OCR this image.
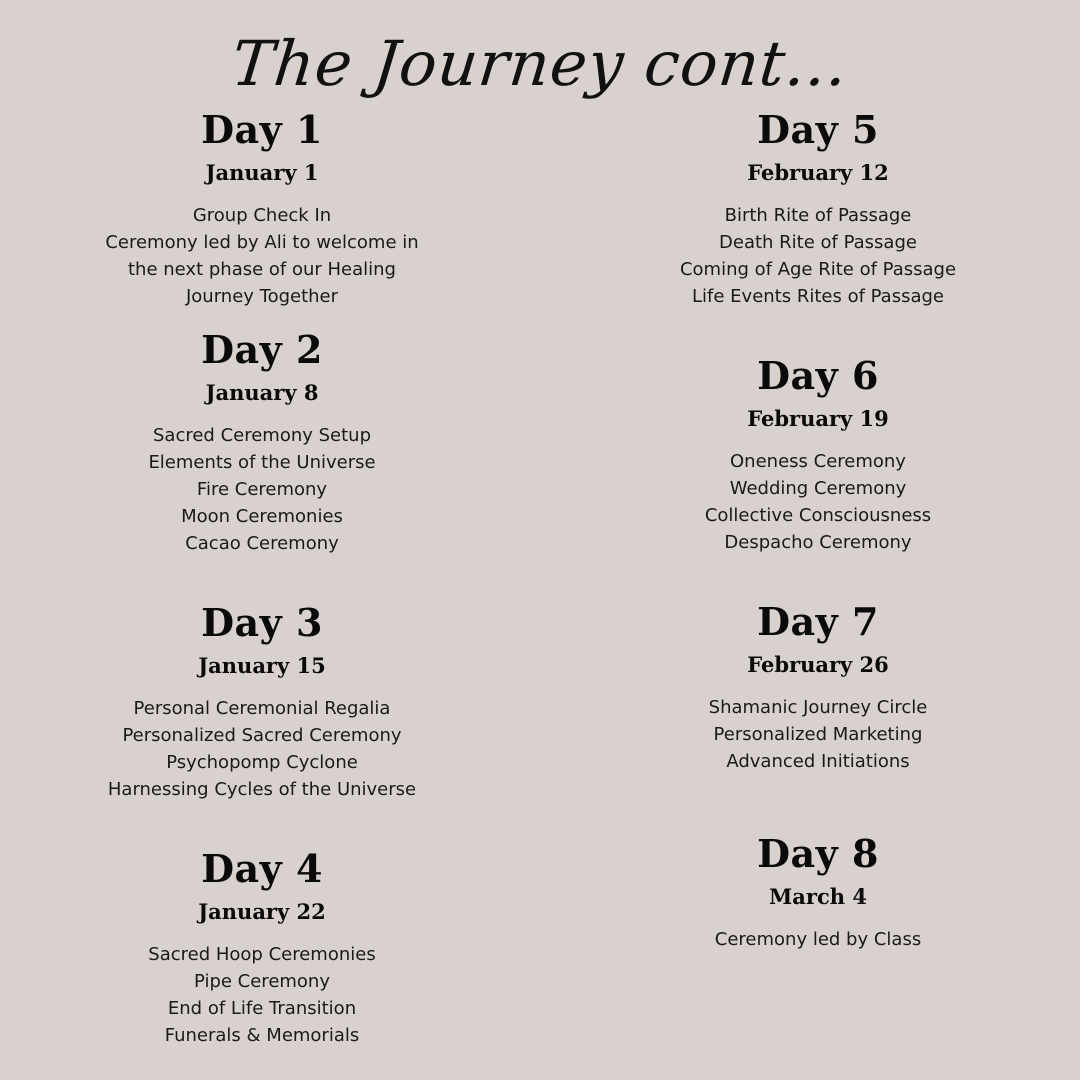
The Journey cont...
Day 1
January 1
Group Check In
Ceremony led by Ali to welcome in
the next phase of our Healing
Journey Together
Day 2
January 8
Sacred Ceremony Setup
Elements of the Universe
Fire Ceremony
Moon Ceremonies
Cacao Ceremony
Day 3
January 15
Personal Ceremonial Regalia
Personalized Sacred Ceremony
Psychopomp Cyclone
Harnessing Cycles of the Universe
Day 4
January 22
Sacred Hoop Ceremonies
Pipe Ceremony
End of Life Transition
Funerals & Memorials
Day 5
February 12
Birth Rite of Passage
Death Rite of Passage
Coming of Age Rite of Passage
Life Events Rites of Passage
Day 6
February 19
Oneness Ceremony
Wedding Ceremony
Collective Consciousness
Despacho Ceremony
Day 7
February 26
Shamanic Journey Circle
Personalized Marketing
Advanced Initiations
Day 8
March 4
Ceremony led by Class
